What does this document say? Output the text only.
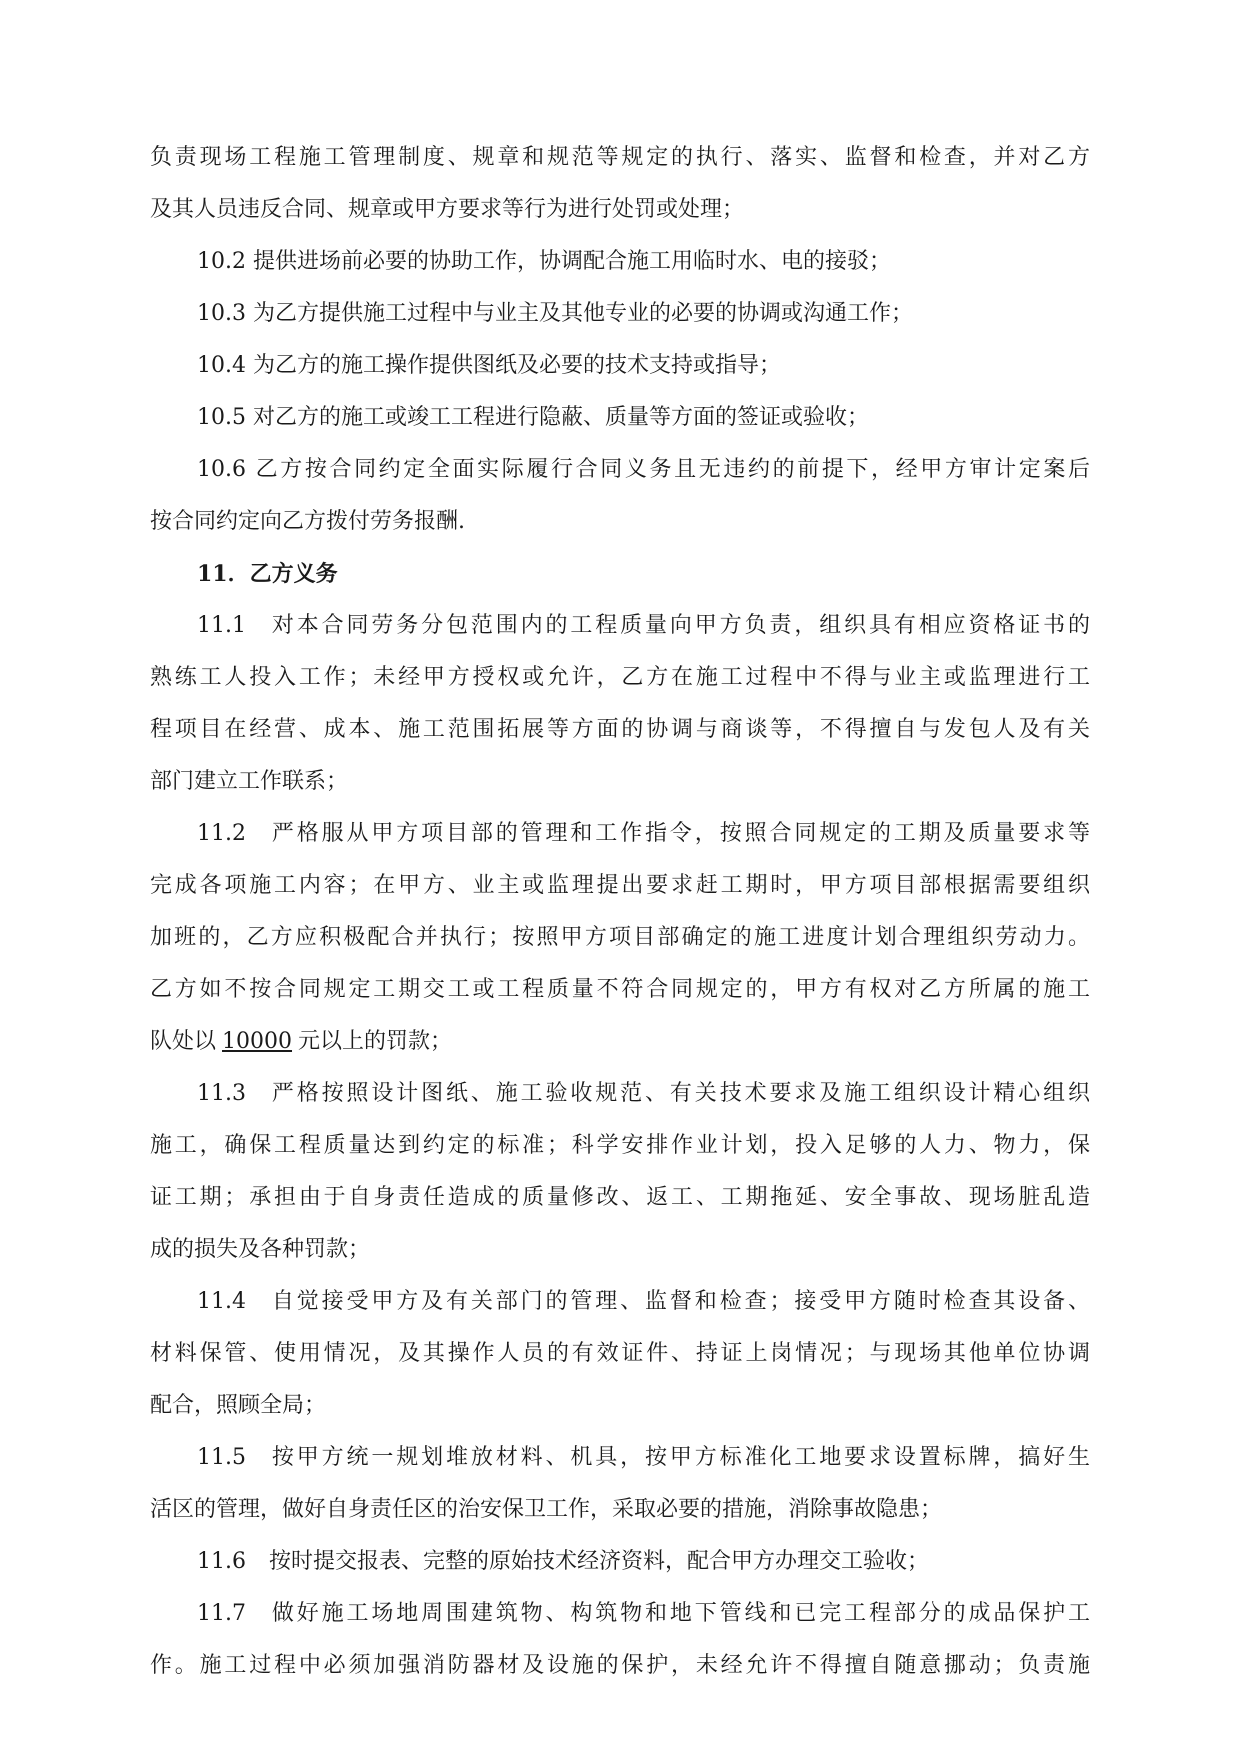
负责现场工程施工管理制度、规章和规范等规定的执行、落实、监督和检查，并对乙方
及其人员违反合同、规章或甲方要求等行为进行处罚或处理；
10.2 提供进场前必要的协助工作，协调配合施工用临时水、电的接驳；
10.3 为乙方提供施工过程中与业主及其他专业的必要的协调或沟通工作；
10.4 为乙方的施工操作提供图纸及必要的技术支持或指导；
10.5 对乙方的施工或竣工工程进行隐蔽、质量等方面的签证或验收；
10.6 乙方按合同约定全面实际履行合同义务且无违约的前提下，经甲方审计定案后
按合同约定向乙方拨付劳务报酬.
11．乙方义务
11.1 对本合同劳务分包范围内的工程质量向甲方负责，组织具有相应资格证书的
熟练工人投入工作；未经甲方授权或允许，乙方在施工过程中不得与业主或监理进行工
程项目在经营、成本、施工范围拓展等方面的协调与商谈等，不得擅自与发包人及有关
部门建立工作联系；
11.2 严格服从甲方项目部的管理和工作指令，按照合同规定的工期及质量要求等
完成各项施工内容；在甲方、业主或监理提出要求赶工期时，甲方项目部根据需要组织
加班的，乙方应积极配合并执行；按照甲方项目部确定的施工进度计划合理组织劳动力。
乙方如不按合同规定工期交工或工程质量不符合同规定的，甲方有权对乙方所属的施工
队处以 10000 元以上的罚款；
11.3 严格按照设计图纸、施工验收规范、有关技术要求及施工组织设计精心组织
施工，确保工程质量达到约定的标准；科学安排作业计划，投入足够的人力、物力，保
证工期；承担由于自身责任造成的质量修改、返工、工期拖延、安全事故、现场脏乱造
成的损失及各种罚款；
11.4 自觉接受甲方及有关部门的管理、监督和检查；接受甲方随时检查其设备、
材料保管、使用情况，及其操作人员的有效证件、持证上岗情况；与现场其他单位协调
配合，照顾全局；
11.5 按甲方统一规划堆放材料、机具，按甲方标准化工地要求设置标牌，搞好生
活区的管理，做好自身责任区的治安保卫工作，采取必要的措施，消除事故隐患；
11.6 按时提交报表、完整的原始技术经济资料，配合甲方办理交工验收；
11.7 做好施工场地周围建筑物、构筑物和地下管线和已完工程部分的成品保护工
作。施工过程中必须加强消防器材及设施的保护，未经允许不得擅自随意挪动；负责施
